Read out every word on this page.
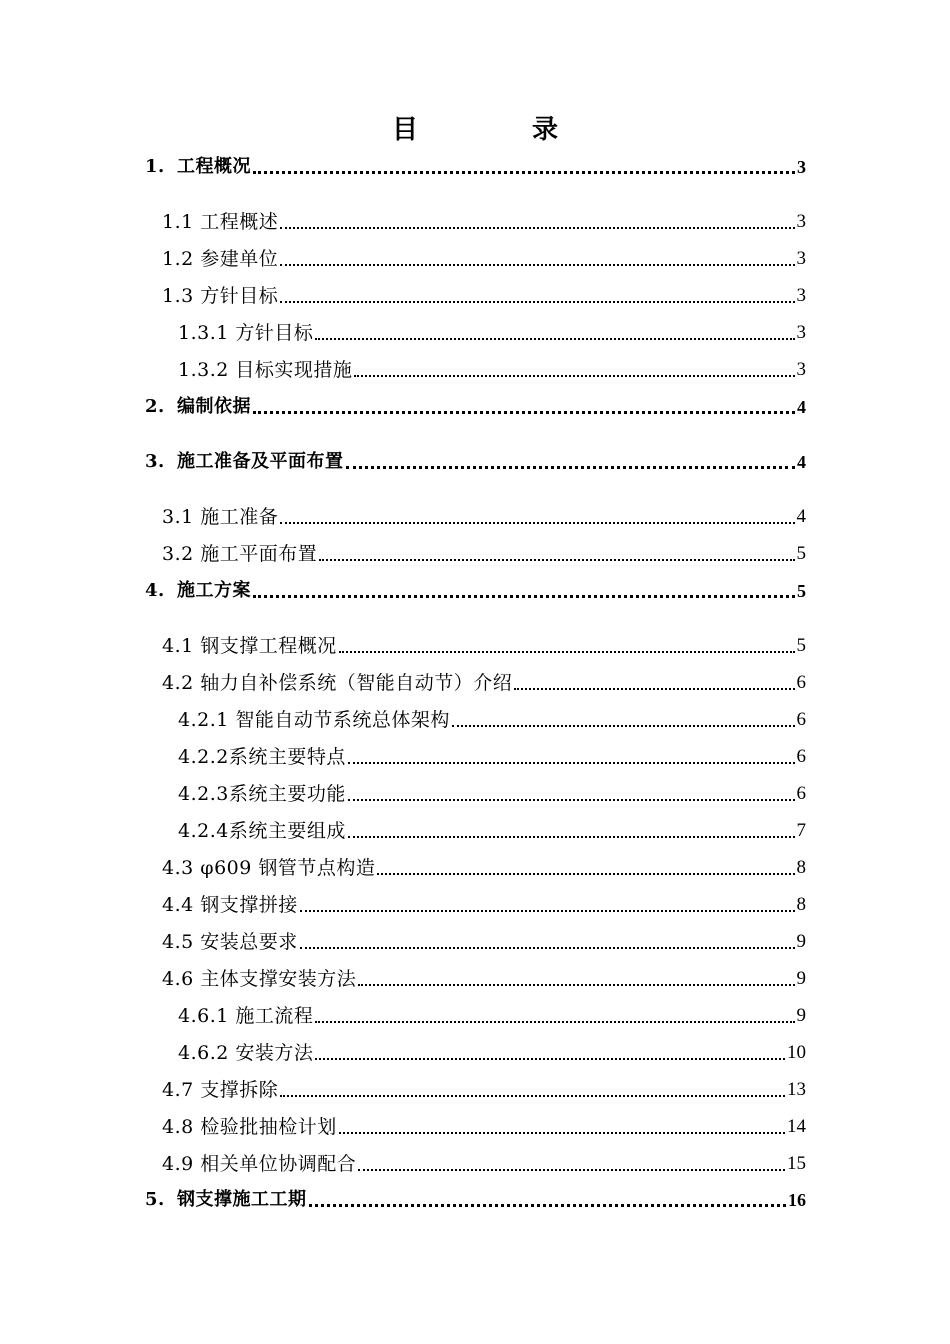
目　录
1. 工程概况	3
1.1 工程概述	3
1.2 参建单位	3
1.3 方针目标	3
1.3.1 方针目标	3
1.3.2 目标实现措施	3
2. 编制依据	4
3. 施工准备及平面布置	4
3.1 施工准备	4
3.2 施工平面布置	5
4. 施工方案	5
4.1 钢支撑工程概况	5
4.2 轴力自补偿系统（智能自动节）介绍	6
4.2.1 智能自动节系统总体架构	6
4.2.2系统主要特点	6
4.2.3系统主要功能	6
4.2.4系统主要组成	7
4.3 φ609 钢管节点构造	8
4.4 钢支撑拼接	8
4.5 安装总要求	9
4.6 主体支撑安装方法	9
4.6.1 施工流程	9
4.6.2 安装方法	10
4.7 支撑拆除	13
4.8 检验批抽检计划	14
4.9 相关单位协调配合	15
5. 钢支撑施工工期	16
